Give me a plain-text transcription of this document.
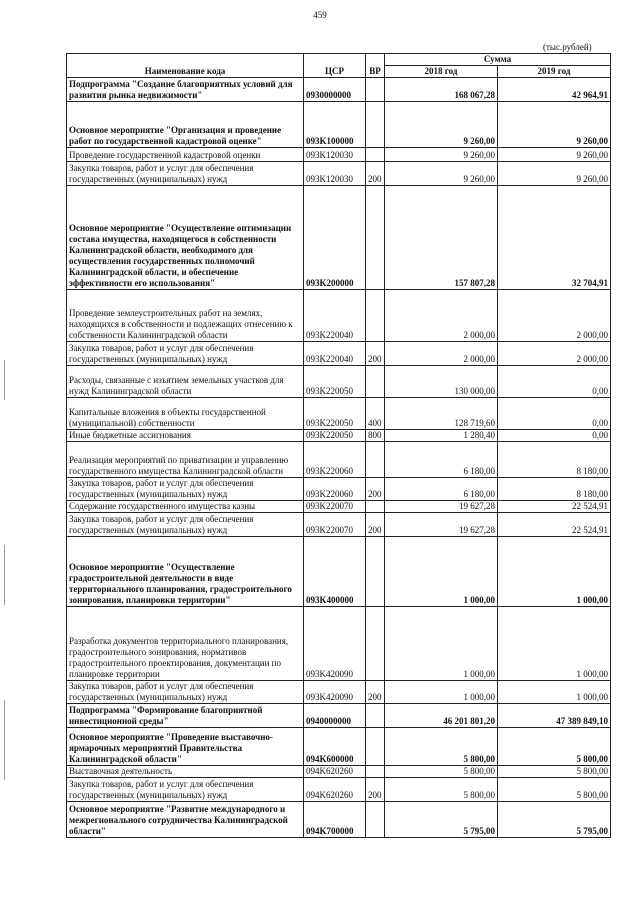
459
(тыс.рублей)
Наименование кода	ЦСР	ВР	Сумма	
			2018 год	2019 год
Подпрограмма "Создание благоприятных условий для развития рынка недвижимости"	0930000000		168 067,28	42 964,91
Основное мероприятие "Организация и проведение работ по государственной кадастровой оценке"	093K100000		9 260,00	9 260,00
Проведение государственной кадастровой оценки	093K120030		9 260,00	9 260,00
Закупка товаров, работ и услуг для обеспечения государственных (муниципальных) нужд	093K120030	200	9 260,00	9 260,00
Основное мероприятие "Осуществление оптимизации состава имущества, находящегося в собственности Калининградской области, необходимого для осуществления государственных полномочий Калининградской области, и обеспечение эффективности его использования"	093K200000		157 807,28	32 704,91
Проведение землеустроительных работ на землях, находящихся в собственности и подлежащих отнесению к собственности Калининградской области	093K220040		2 000,00	2 000,00
Закупка товаров, работ и услуг для обеспечения государственных (муниципальных) нужд	093K220040	200	2 000,00	2 000,00
Расходы, связанные с изъятием земельных участков для нужд Калининградской области	093K220050		130 000,00	0,00
Капитальные вложения в объекты государственной (муниципальной) собственности	093K220050	400	128 719,60	0,00
Иные бюджетные ассигнования	093K220050	800	1 280,40	0,00
Реализация мероприятий по приватизации и управлению государственного имущества Калининградской области	093K220060		6 180,00	8 180,00
Закупка товаров, работ и услуг для обеспечения государственных (муниципальных) нужд	093K220060	200	6 180,00	8 180,00
Содержание государственного имущества казны	093K220070		19 627,28	22 524,91
Закупка товаров, работ и услуг для обеспечения государственных (муниципальных) нужд	093K220070	200	19 627,28	22 524,91
Основное мероприятие "Осуществление градостроительной деятельности в виде территориального планирования, градостроительного зонирования, планировки территории"	093K400000		1 000,00	1 000,00
Разработка документов территориального планирования, градостроительного зонирования, нормативов градостроительного проектирования, документации по планировке территории	093K420090		1 000,00	1 000,00
Закупка товаров, работ и услуг для обеспечения государственных (муниципальных) нужд	093K420090	200	1 000,00	1 000,00
Подпрограмма "Формирование благоприятной инвестиционной среды"	0940000000		46 201 801,20	47 389 849,10
Основное мероприятие "Проведение выставочно-ярмарочных мероприятий Правительства Калининградской области"	094K600000		5 800,00	5 800,00
Выставочная деятельность	094K620260		5 800,00	5 800,00
Закупка товаров, работ и услуг для обеспечения государственных (муниципальных) нужд	094K620260	200	5 800,00	5 800,00
Основное мероприятие "Развитие международного и межрегионального сотрудничества Калининградской области"	094K700000		5 795,00	5 795,00
